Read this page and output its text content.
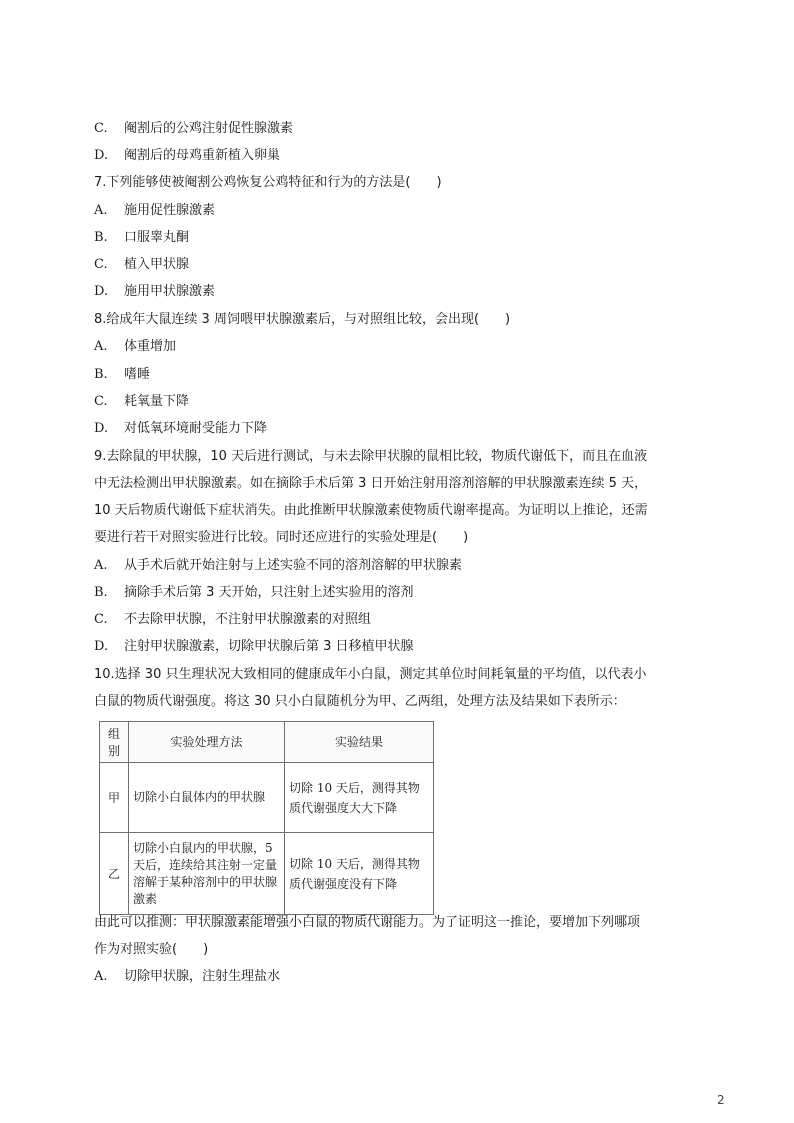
C. 阉割后的公鸡注射促性腺激素
D. 阉割后的母鸡重新植入卵巢
7.下列能够使被阉割公鸡恢复公鸡特征和行为的方法是(　　)
A. 施用促性腺激素
B. 口服睾丸酮
C. 植入甲状腺
D. 施用甲状腺激素
8.给成年大鼠连续 3 周饲喂甲状腺激素后，与对照组比较，会出现(　　)
A. 体重增加
B. 嗜睡
C. 耗氧量下降
D. 对低氧环境耐受能力下降
9.去除鼠的甲状腺，10 天后进行测试，与未去除甲状腺的鼠相比较，物质代谢低下，而且在血液
中无法检测出甲状腺激素。如在摘除手术后第 3 日开始注射用溶剂溶解的甲状腺激素连续 5 天，
10 天后物质代谢低下症状消失。由此推断甲状腺激素使物质代谢率提高。为证明以上推论，还需
要进行若干对照实验进行比较。同时还应进行的实验处理是(　　)
A. 从手术后就开始注射与上述实验不同的溶剂溶解的甲状腺素
B. 摘除手术后第 3 天开始，只注射上述实验用的溶剂
C. 不去除甲状腺，不注射甲状腺激素的对照组
D. 注射甲状腺激素，切除甲状腺后第 3 日移植甲状腺
10.选择 30 只生理状况大致相同的健康成年小白鼠，测定其单位时间耗氧量的平均值，以代表小
白鼠的物质代谢强度。将这 30 只小白鼠随机分为甲、乙两组，处理方法及结果如下表所示：
组别	实验处理方法	实验结果
甲	切除小白鼠体内的甲状腺	切除 10 天后，测得其物质代谢强度大大下降
乙	切除小白鼠内的甲状腺，5 天后，连续给其注射一定量溶解于某种溶剂中的甲状腺激素	切除 10 天后，测得其物质代谢强度没有下降
由此可以推测：甲状腺激素能增强小白鼠的物质代谢能力。为了证明这一推论，要增加下列哪项
作为对照实验(　　)
A. 切除甲状腺，注射生理盐水
2
